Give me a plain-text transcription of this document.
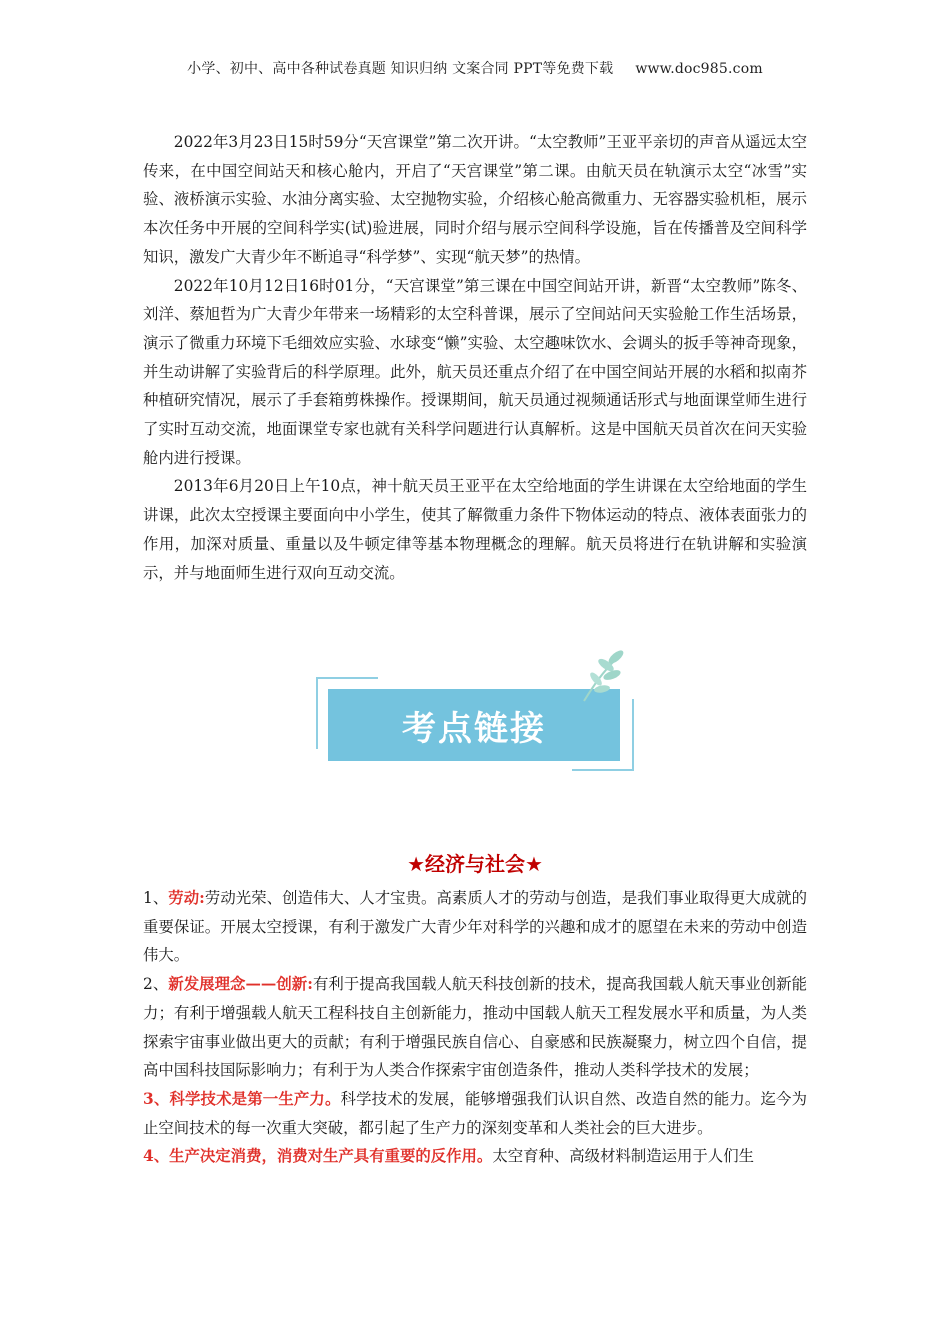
小学、初中、高中各种试卷真题 知识归纳 文案合同 PPT等免费下载 www.doc985.com

2022年3月23日15时59分“天宫课堂”第二次开讲。“太空教师”王亚平亲切的声音从遥远太空传来，在中国空间站天和核心舱内，开启了“天宫课堂”第二课。由航天员在轨演示太空“冰雪”实验、液桥演示实验、水油分离实验、太空抛物实验，介绍核心舱高微重力、无容器实验机柜，展示本次任务中开展的空间科学实(试)验进展，同时介绍与展示空间科学设施，旨在传播普及空间科学知识，激发广大青少年不断追寻“科学梦”、实现“航天梦”的热情。

2022年10月12日16时01分，“天宫课堂”第三课在中国空间站开讲，新晋“太空教师”陈冬、刘洋、蔡旭哲为广大青少年带来一场精彩的太空科普课，展示了空间站问天实验舱工作生活场景，演示了微重力环境下毛细效应实验、水球变“懒”实验、太空趣味饮水、会调头的扳手等神奇现象，并生动讲解了实验背后的科学原理。此外，航天员还重点介绍了在中国空间站开展的水稻和拟南芥种植研究情况，展示了手套箱剪株操作。授课期间，航天员通过视频通话形式与地面课堂师生进行了实时互动交流，地面课堂专家也就有关科学问题进行认真解析。这是中国航天员首次在问天实验舱内进行授课。

2013年6月20日上午10点，神十航天员王亚平在太空给地面的学生讲课在太空给地面的学生讲课，此次太空授课主要面向中小学生，使其了解微重力条件下物体运动的特点、液体表面张力的作用，加深对质量、重量以及牛顿定律等基本物理概念的理解。航天员将进行在轨讲解和实验演示，并与地面师生进行双向互动交流。

考点链接
★经济与社会★

1、劳动:劳动光荣、创造伟大、人才宝贵。高素质人才的劳动与创造，是我们事业取得更大成就的重要保证。开展太空授课，有利于激发广大青少年对科学的兴趣和成才的愿望在未来的劳动中创造伟大。

2、新发展理念——创新:有利于提高我国载人航天科技创新的技术，提高我国载人航天事业创新能力；有利于增强载人航天工程科技自主创新能力，推动中国载人航天工程发展水平和质量，为人类探索宇宙事业做出更大的贡献；有利于增强民族自信心、自豪感和民族凝聚力，树立四个自信，提高中国科技国际影响力；有利于为人类合作探索宇宙创造条件，推动人类科学技术的发展；

3、科学技术是第一生产力。科学技术的发展，能够增强我们认识自然、改造自然的能力。迄今为止空间技术的每一次重大突破，都引起了生产力的深刻变革和人类社会的巨大进步。

4、生产决定消费，消费对生产具有重要的反作用。太空育种、高级材料制造运用于人们生
